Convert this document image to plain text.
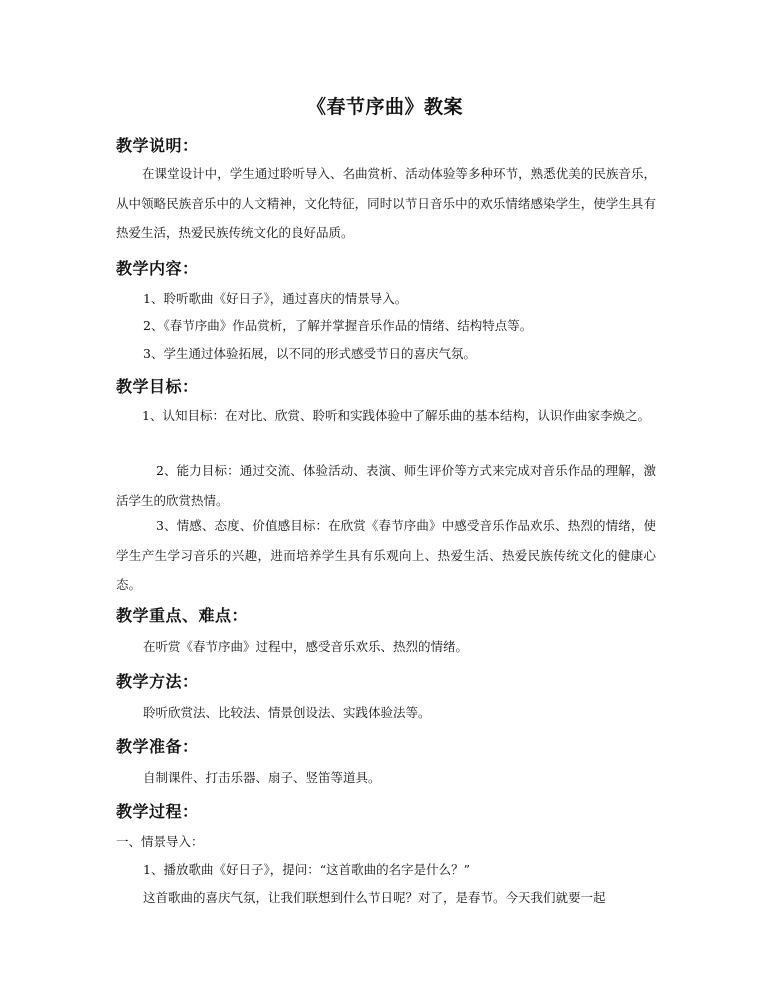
《春节序曲》教案
教学说明：
在课堂设计中，学生通过聆听导入、名曲赏析、活动体验等多种环节，熟悉优美的民族音乐，从中领略民族音乐中的人文精神，文化特征，同时以节日音乐中的欢乐情绪感染学生，使学生具有热爱生活，热爱民族传统文化的良好品质。
教学内容：
1、聆听歌曲《好日子》，通过喜庆的情景导入。
2、《春节序曲》作品赏析，了解并掌握音乐作品的情绪、结构特点等。
3、学生通过体验拓展，以不同的形式感受节日的喜庆气氛。
教学目标：
1、认知目标：在对比、欣赏、聆听和实践体验中了解乐曲的基本结构，认识作曲家李焕之。
2、能力目标：通过交流、体验活动、表演、师生评价等方式来完成对音乐作品的理解，激活学生的欣赏热情。
3、情感、态度、价值感目标：在欣赏《春节序曲》中感受音乐作品欢乐、热烈的情绪，使学生产生学习音乐的兴趣，进而培养学生具有乐观向上、热爱生活、热爱民族传统文化的健康心态。
教学重点、难点：
在听赏《春节序曲》过程中，感受音乐欢乐、热烈的情绪。
教学方法：
聆听欣赏法、比较法、情景创设法、实践体验法等。
教学准备：
自制课件、打击乐器、扇子、竖笛等道具。
教学过程：
一、情景导入：
1、播放歌曲《好日子》，提问：“这首歌曲的名字是什么？”
这首歌曲的喜庆气氛，让我们联想到什么节日呢？对了，是春节。今天我们就要一起
